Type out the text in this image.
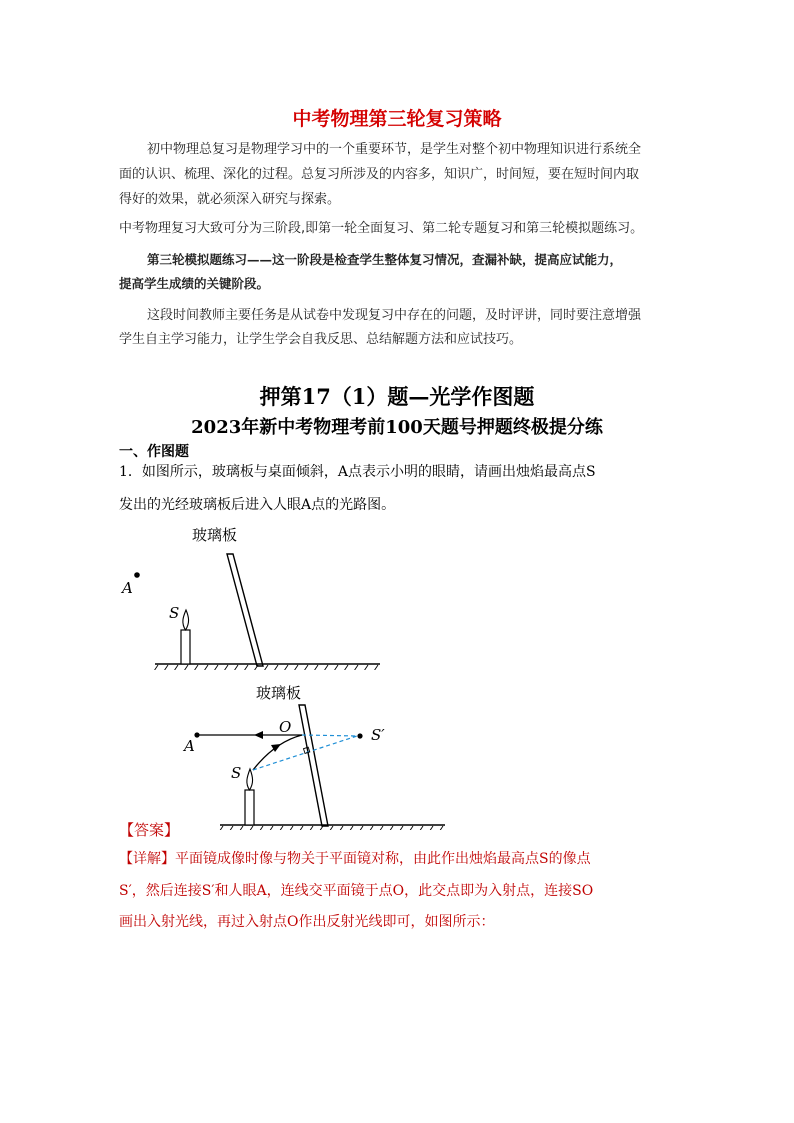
中考物理第三轮复习策略
初中物理总复习是物理学习中的一个重要环节，是学生对整个初中物理知识进行系统全
面的认识、梳理、深化的过程。总复习所涉及的内容多，知识广，时间短，要在短时间内取
得好的效果，就必须深入研究与探索。
中考物理复习大致可分为三阶段,即第一轮全面复习、第二轮专题复习和第三轮模拟题练习。
第三轮模拟题练习——这一阶段是检查学生整体复习情况，查漏补缺，提高应试能力，
提高学生成绩的关键阶段。
这段时间教师主要任务是从试卷中发现复习中存在的问题，及时评讲，同时要注意增强
学生自主学习能力，让学生学会自我反思、总结解题方法和应试技巧。
押第17（1）题—光学作图题
2023年新中考物理考前100天题号押题终极提分练
一、作图题
1．如图所示，玻璃板与桌面倾斜，A点表示小明的眼睛，请画出烛焰最高点S
发出的光经玻璃板后进入人眼A点的光路图。
玻璃板
A
S
玻璃板
A
S′
O
S
【答案】
【详解】平面镜成像时像与物关于平面镜对称，由此作出烛焰最高点S的像点
S′，然后连接S′和人眼A，连线交平面镜于点O，此交点即为入射点，连接SO
画出入射光线，再过入射点O作出反射光线即可，如图所示：
